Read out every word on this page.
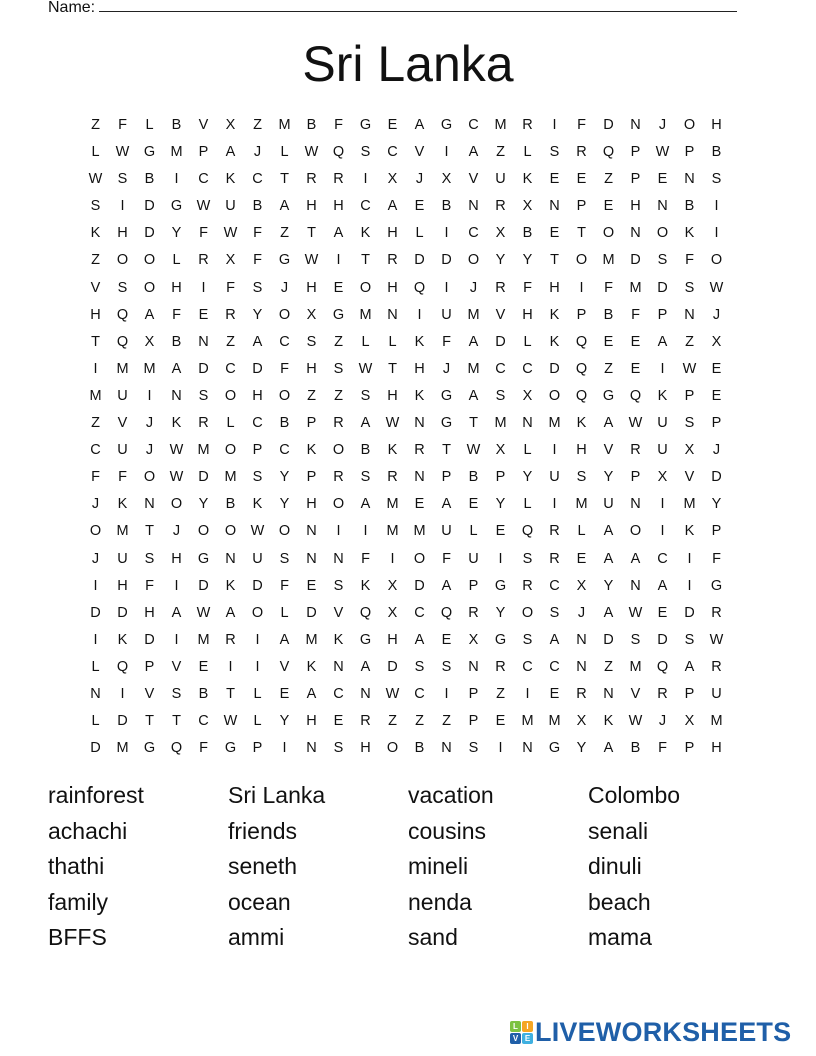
Name:
Sri Lanka
Z	F	L	B	V	X	Z	M	B	F	G	E	A	G	C	M	R	I	F	D	N	J	O	H
L	W	G	M	P	A	J	L	W	Q	S	C	V	I	A	Z	L	S	R	Q	P	W	P	B
W	S	B	I	C	K	C	T	R	R	I	X	J	X	V	U	K	E	E	Z	P	E	N	S
S	I	D	G	W	U	B	A	H	H	C	A	E	B	N	R	X	N	P	E	H	N	B	I
K	H	D	Y	F	W	F	Z	T	A	K	H	L	I	C	X	B	E	T	O	N	O	K	I
Z	O	O	L	R	X	F	G	W	I	T	R	D	D	O	Y	Y	T	O	M	D	S	F	O
V	S	O	H	I	F	S	J	H	E	O	H	Q	I	J	R	F	H	I	F	M	D	S	W
H	Q	A	F	E	R	Y	O	X	G	M	N	I	U	M	V	H	K	P	B	F	P	N	J
T	Q	X	B	N	Z	A	C	S	Z	L	L	K	F	A	D	L	K	Q	E	E	A	Z	X
I	M	M	A	D	C	D	F	H	S	W	T	H	J	M	C	C	D	Q	Z	E	I	W	E
M	U	I	N	S	O	H	O	Z	Z	S	H	K	G	A	S	X	O	Q	G	Q	K	P	E
Z	V	J	K	R	L	C	B	P	R	A	W	N	G	T	M	N	M	K	A	W	U	S	P
C	U	J	W M	O	P	C	K	O	B	K	R	T	W	X	L	I	H	V	R	U	X	J
F	F	O	W	D	M	S	Y	P	R	S	R	N	P	B	P	Y	U	S	Y	P	X	V	D
J	K	N	O	Y	B	K	Y	H	O	A	M	E	A	E	Y	L	I	M	U	N	I	M	Y
O	M	T	J	O	O	W	O	N	I	I	M	M	U	L	E	Q	R	L	A	O	I	K	P
J	U	S	H	G	N	U	S	N	N	F	I	O	F	U	I	S	R	E	A	A	C	I	F
I	H	F	I	D	K	D	F	E	S	K	X	D	A	P	G	R	C	X	Y	N	A	I	G
D	D	H	A	W	A	O	L	D	V	Q	X	C	Q	R	Y	O	S	J	A	W	E	D	R
I	K	D	I	M	R	I	A	M	K	G	H	A	E	X	G	S	A	N	D	S	D	S	W
L	Q	P	V	E	I	I	V	K	N	A	D	S	S	N	R	C	C	N	Z	M	Q	A	R
N	I	V	S	B	T	L	E	A	C	N	W	C	I	P	Z	I	E	R	N	V	R	P	U
L	D	T	T	C	W	L	Y	H	E	R	Z	Z	Z	P	E	M	M	X	K	W	J	X	M
D	M	G	Q	F	G	P	I	N	S	H	O	B	N	S	I	N	G	Y	A	B	F	P	H
rainforest	Sri Lanka	vacation	Colombo
achachi	friends	cousins	senali
thathi	seneth	mineli	dinuli
family	ocean	nenda	beach
BFFS	ammi	sand	mama
L	I
V E LIVEWORKSHEETS
